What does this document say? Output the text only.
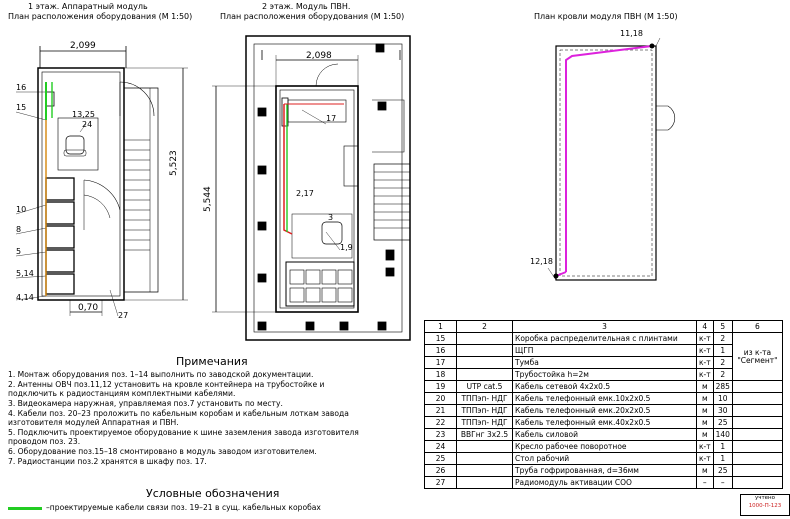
1 этаж. Аппаратный модуль
План расположения оборудования (М 1:50)
2 этаж. Модуль ПВН.
План расположения оборудования (М 1:50)	План кровли модуля ПВН (М 1:50)
2,099
5,523
0,70
13,25
16
15
24
10
8
5
5,14
4,14
27
2,098
5,544
17
2,17
3
1,9
11,18
12,18
Примечания
1. Монтаж оборудования поз. 1–14 выполнить по заводской документации.
2. Антенны ОВЧ поз.11,12 установить на кровле контейнера на трубостойке и
подключить к радиостанциям комплектными кабелями.
3. Видеокамера наружная, управляемая поз.7 установить по месту.
4. Кабели поз. 20–23 проложить по кабельным коробам и кабельным лоткам завода
изготовителя модулей Аппаратная и ПВН.
5. Подключить проектируемое оборудование к шине заземления завода изготовителя
проводом поз. 23.
6. Оборудование поз.15–18 смонтировано в модуль заводом изготовителем.
7. Радиостанции поз.2 хранятся в шкафу поз. 17.
Условные обозначения
–проектируемые кабели связи поз. 19–21 в сущ. кабельных коробах
1	2	3	4	5	6
15		Коробка распределительная с плинтами	к-т	2	из к-та "Сегмент"
16		ЩГП	к-т	1	
17		Тумба	к-т	2	
18		Трубостойка h=2м	к-т	2	
19	UTP cat.5	Кабель сетевой 4x2x0.5	м	285	
20	ТППэп- НДГ	Кабель телефонный емк.10x2x0.5	м	10	
21	ТППэп- НДГ	Кабель телефонный емк.20x2x0.5	м	30	
22	ТППэп- НДГ	Кабель телефонный емк.40x2x0.5	м	25	
23	ВВГнг 3x2.5	Кабель силовой	м	140	
24		Кресло рабочее поворотное	к-т	1	
25		Стол рабочий	к-т	1	
26		Труба гофрированная, d=36мм	м	25	
27		Радиомодуль активации СОО	–	–	
учтено
1000-П-123
